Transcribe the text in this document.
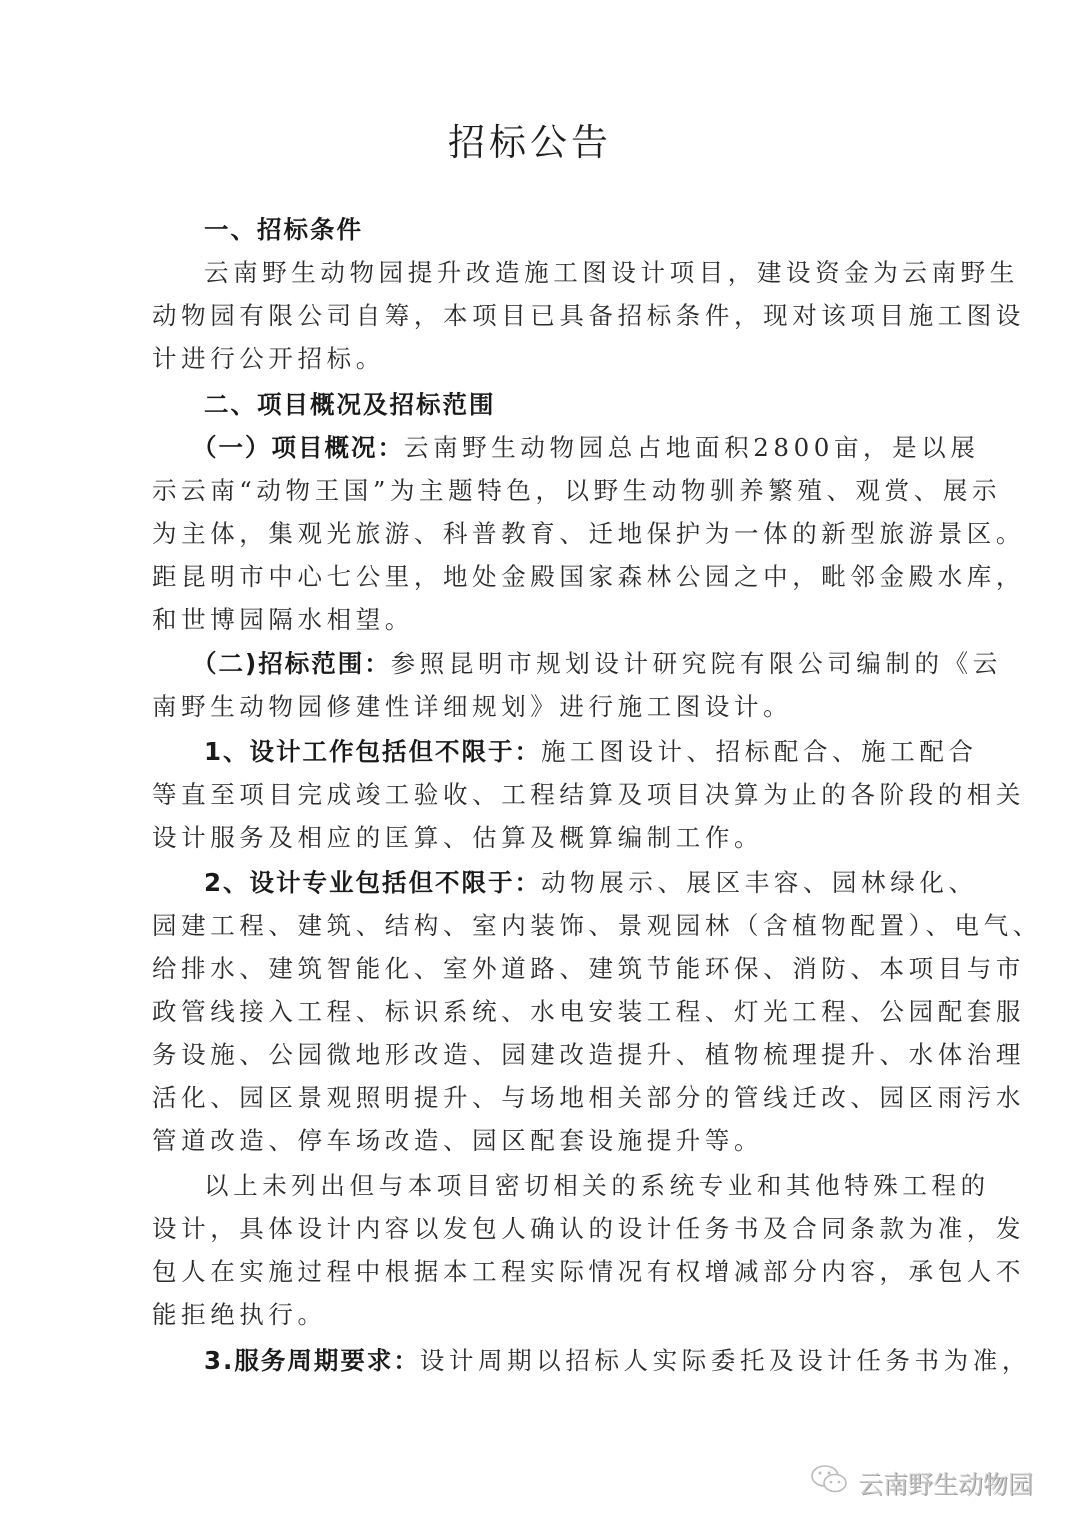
招标公告
一、招标条件
云南野生动物园提升改造施工图设计项目，建设资金为云南野生
动物园有限公司自筹，本项目已具备招标条件，现对该项目施工图设
计进行公开招标。
二、项目概况及招标范围
（一）项目概况：云南野生动物园总占地面积2800亩，是以展
示云南“动物王国”为主题特色，以野生动物驯养繁殖、观赏、展示
为主体，集观光旅游、科普教育、迁地保护为一体的新型旅游景区。
距昆明市中心七公里，地处金殿国家森林公园之中，毗邻金殿水库，
和世博园隔水相望。
（二)招标范围：参照昆明市规划设计研究院有限公司编制的《云
南野生动物园修建性详细规划》进行施工图设计。
1、设计工作包括但不限于：施工图设计、招标配合、施工配合
等直至项目完成竣工验收、工程结算及项目决算为止的各阶段的相关
设计服务及相应的匡算、估算及概算编制工作。
2、设计专业包括但不限于：动物展示、展区丰容、园林绿化、
园建工程、建筑、结构、室内装饰、景观园林（含植物配置）、电气、
给排水、建筑智能化、室外道路、建筑节能环保、消防、本项目与市
政管线接入工程、标识系统、水电安装工程、灯光工程、公园配套服
务设施、公园微地形改造、园建改造提升、植物梳理提升、水体治理
活化、园区景观照明提升、与场地相关部分的管线迁改、园区雨污水
管道改造、停车场改造、园区配套设施提升等。
以上未列出但与本项目密切相关的系统专业和其他特殊工程的
设计，具体设计内容以发包人确认的设计任务书及合同条款为准，发
包人在实施过程中根据本工程实际情况有权增减部分内容，承包人不
能拒绝执行。
3.服务周期要求：设计周期以招标人实际委托及设计任务书为准，
云南野生动物园
